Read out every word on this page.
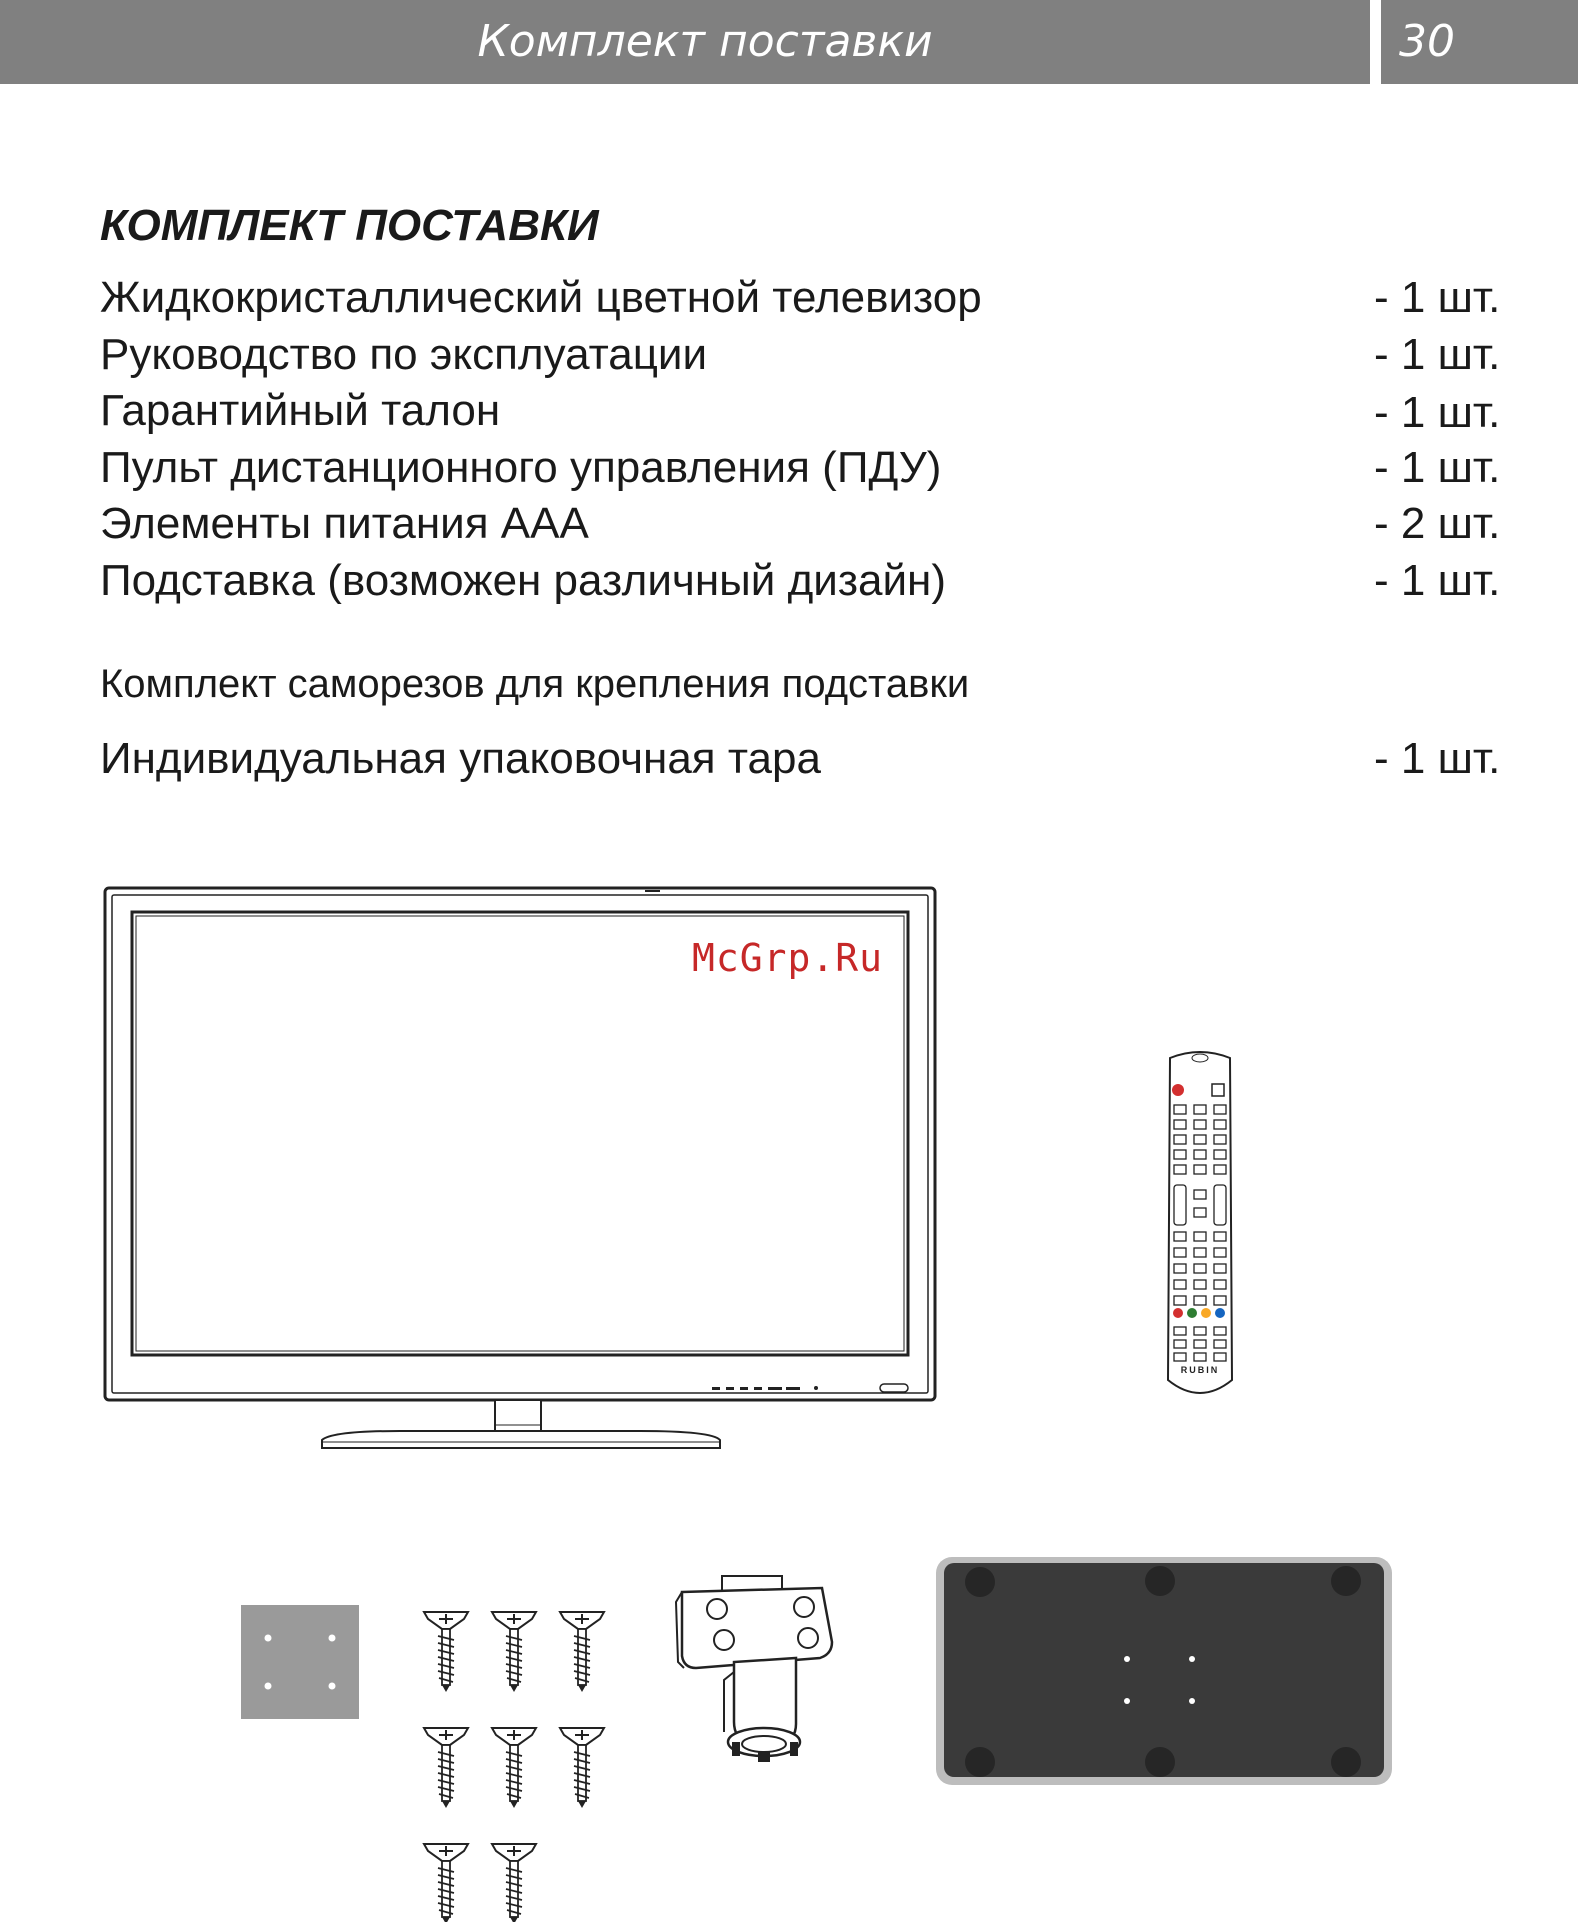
Комплект поставки	30
КОМПЛЕКТ ПОСТАВКИ
Жидкокристаллический цветной телевизор	- 1 шт.
Руководство по эксплуатации	- 1 шт.
Гарантийный талон	- 1 шт.
Пульт дистанционного управления (ПДУ)	- 1 шт.
Элементы питания ААА	- 2 шт.
Подставка (возможен различный дизайн)	- 1 шт.
Комплект саморезов для крепления подставки
Индивидуальная упаковочная тара	- 1 шт.
McGrp.Ru
RUBIN
